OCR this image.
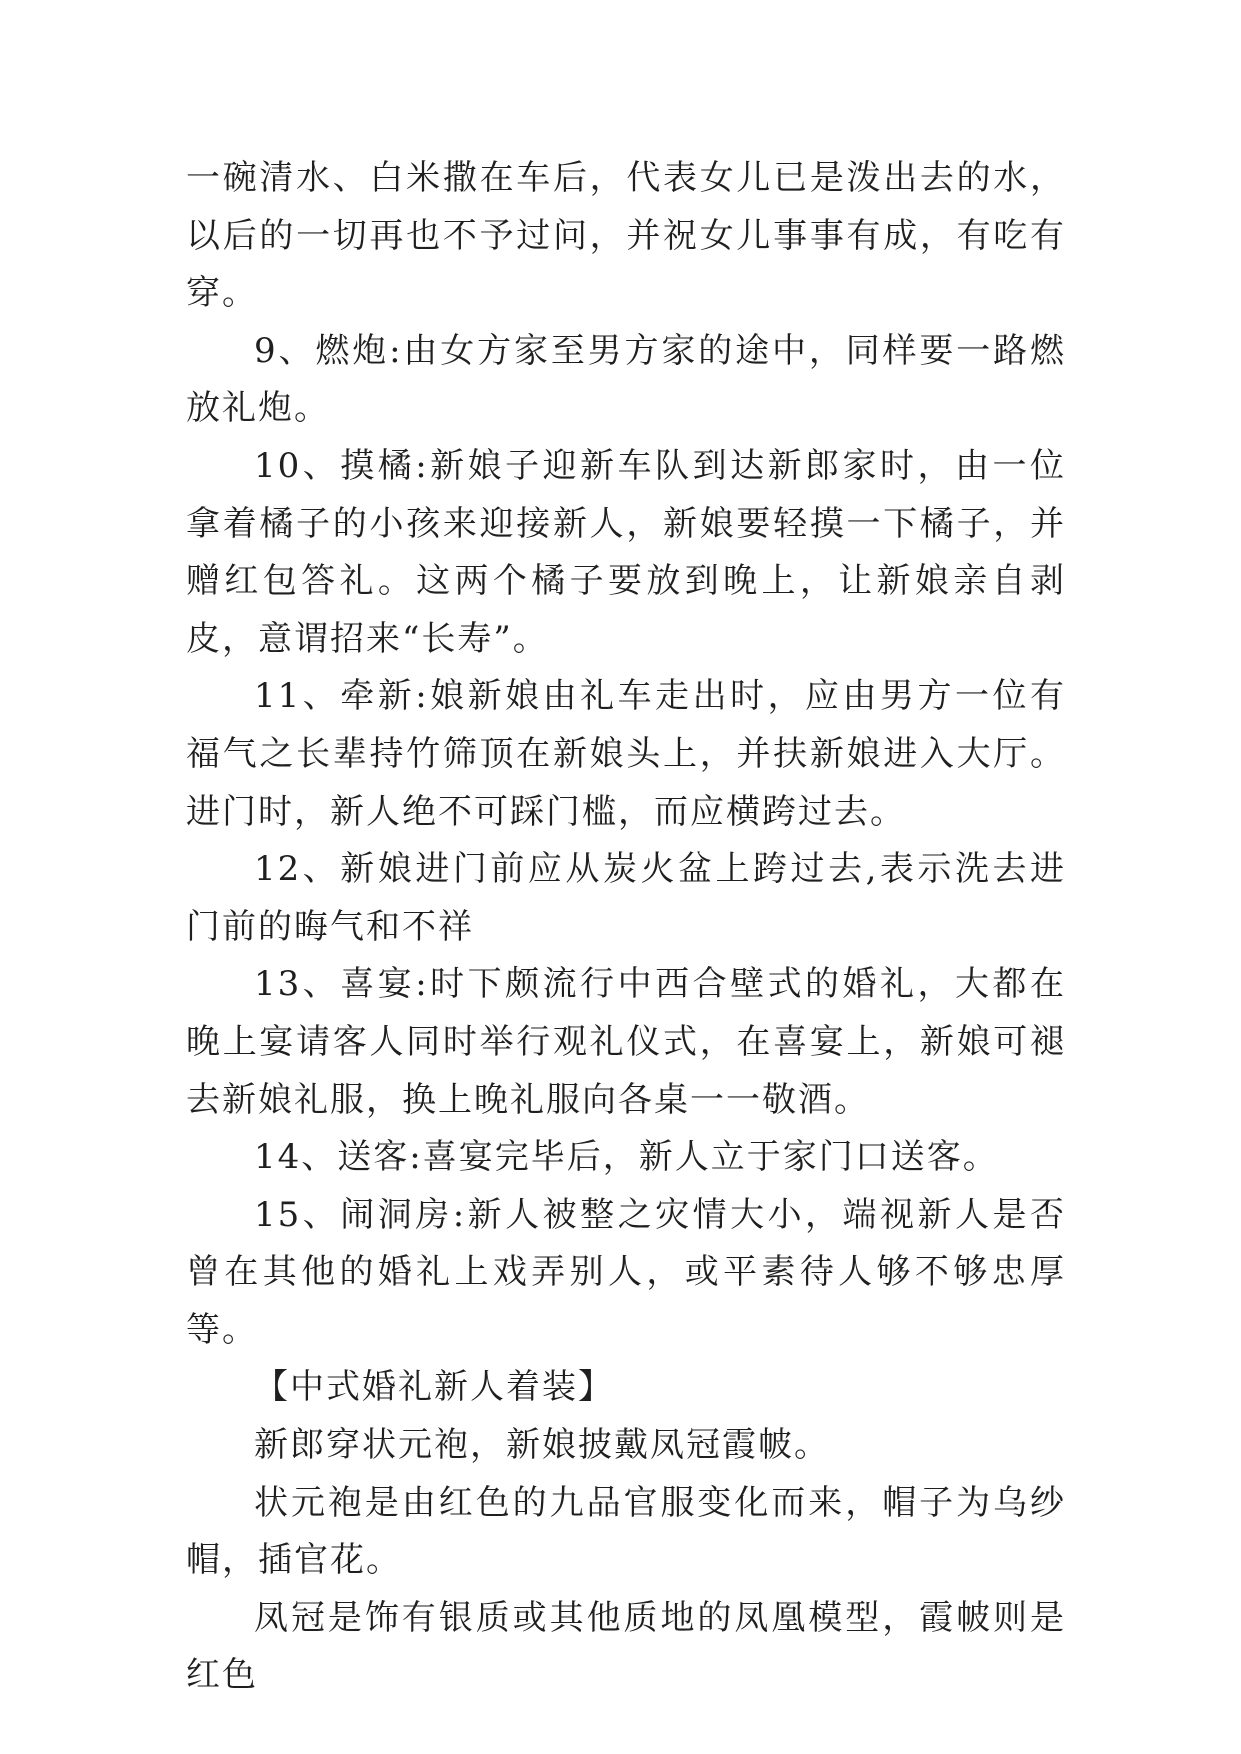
一碗清水、白米撒在车后，代表女儿已是泼出去的水，以后的一切再也不予过问，并祝女儿事事有成，有吃有穿。

9、燃炮:由女方家至男方家的途中，同样要一路燃放礼炮。

10、摸橘:新娘子迎新车队到达新郎家时，由一位拿着橘子的小孩来迎接新人，新娘要轻摸一下橘子，并赠红包答礼。这两个橘子要放到晚上，让新娘亲自剥皮，意谓招来“长寿”。

11、牵新:娘新娘由礼车走出时，应由男方一位有福气之长辈持竹筛顶在新娘头上，并扶新娘进入大厅。进门时，新人绝不可踩门槛，而应横跨过去。

12、新娘进门前应从炭火盆上跨过去,表示洗去进门前的晦气和不祥

13、喜宴:时下颇流行中西合壁式的婚礼，大都在晚上宴请客人同时举行观礼仪式，在喜宴上，新娘可褪去新娘礼服，换上晚礼服向各桌一一敬酒。

14、送客:喜宴完毕后，新人立于家门口送客。

15、闹洞房:新人被整之灾情大小，端视新人是否曾在其他的婚礼上戏弄别人，或平素待人够不够忠厚等。

【中式婚礼新人着装】

新郎穿状元袍，新娘披戴凤冠霞帔。

状元袍是由红色的九品官服变化而来，帽子为乌纱帽，插官花。

凤冠是饰有银质或其他质地的凤凰模型，霞帔则是红色
